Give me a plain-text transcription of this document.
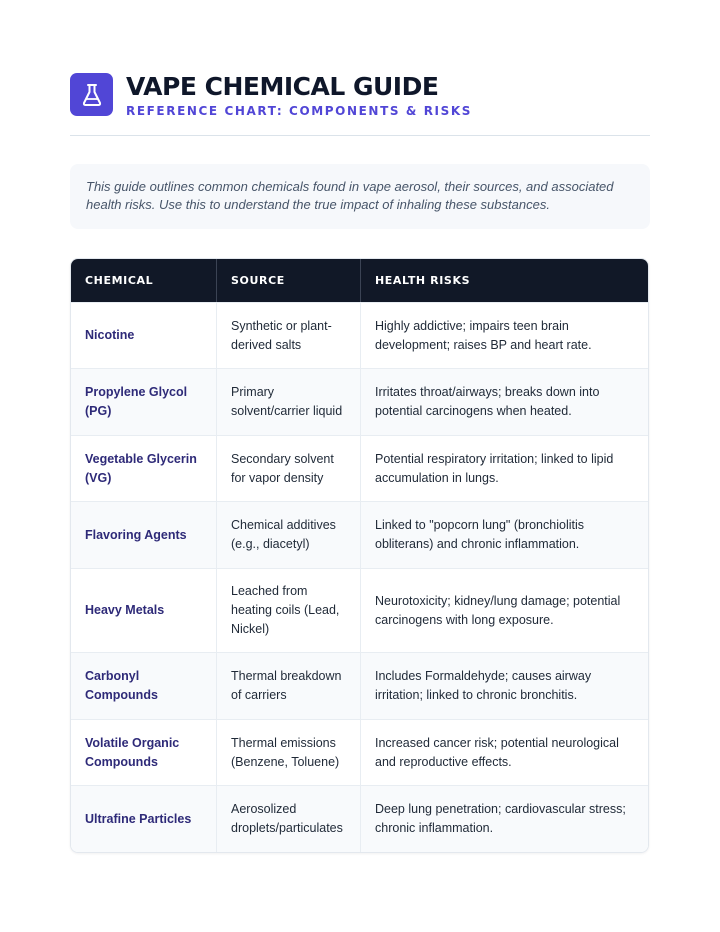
VAPE CHEMICAL GUIDE
REFERENCE CHART: COMPONENTS & RISKS
This guide outlines common chemicals found in vape aerosol, their sources, and associated health risks. Use this to understand the true impact of inhaling these substances.
CHEMICAL	SOURCE	HEALTH RISKS
Nicotine
Synthetic or plant-derived salts
Highly addictive; impairs teen brain development; raises BP and heart rate.
Propylene Glycol (PG)
Primary solvent/carrier liquid
Irritates throat/airways; breaks down into potential carcinogens when heated.
Vegetable Glycerin (VG)
Secondary solvent for vapor density
Potential respiratory irritation; linked to lipid accumulation in lungs.
Flavoring Agents
Chemical additives (e.g., diacetyl)
Linked to "popcorn lung" (bronchiolitis obliterans) and chronic inflammation.
Heavy Metals
Leached from heating coils (Lead, Nickel)
Neurotoxicity; kidney/lung damage; potential carcinogens with long exposure.
Carbonyl Compounds
Thermal breakdown of carriers
Includes Formaldehyde; causes airway irritation; linked to chronic bronchitis.
Volatile Organic Compounds
Thermal emissions (Benzene, Toluene)
Increased cancer risk; potential neurological and reproductive effects.
Ultrafine Particles
Aerosolized droplets/particulates
Deep lung penetration; cardiovascular stress; chronic inflammation.
